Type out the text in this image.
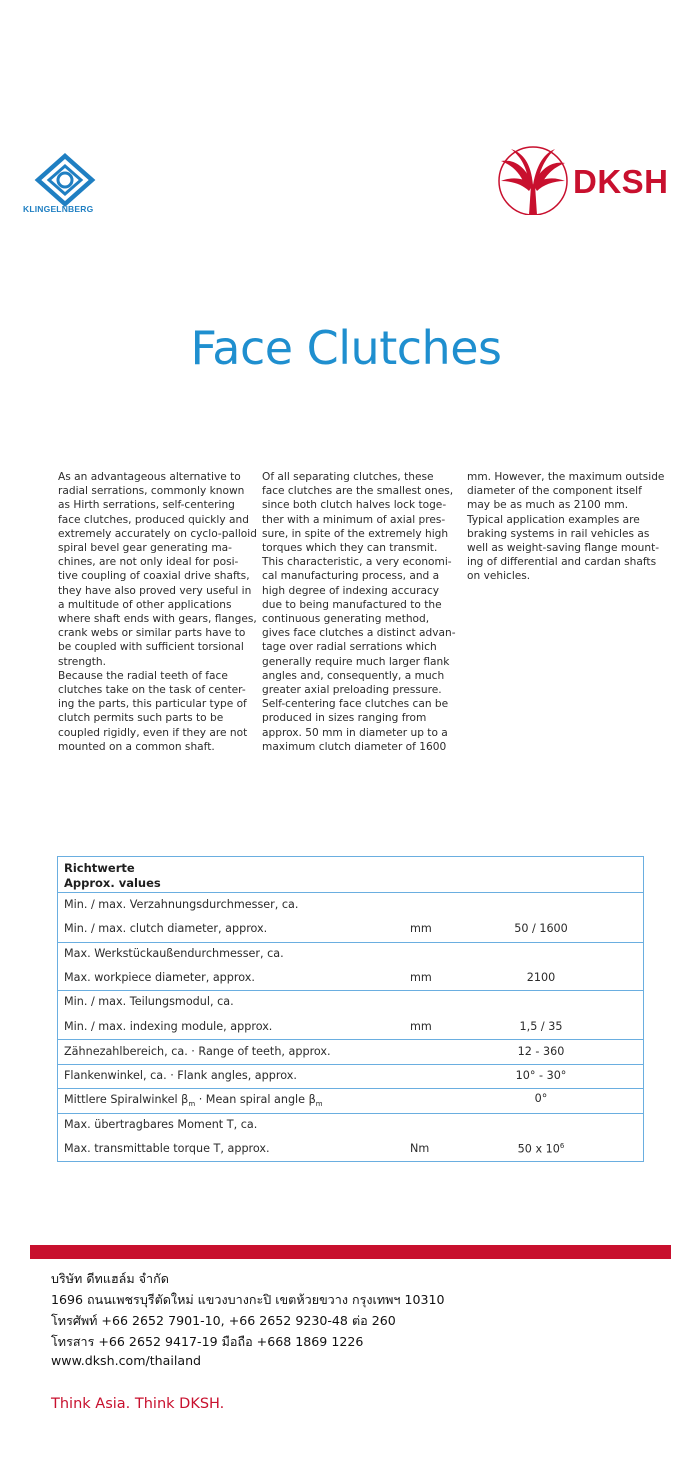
KLINGELNBERG
DKSH
Face Clutches
As an advantageous alternative to
radial serrations, commonly known
as Hirth serrations, self-centering
face clutches, produced quickly and
extremely accurately on cyclo-palloid
spiral bevel gear generating ma-
chines, are not only ideal for posi-
tive coupling of coaxial drive shafts,
they have also proved very useful in
a multitude of other applications
where shaft ends with gears, flanges,
crank webs or similar parts have to
be coupled with sufficient torsional
strength.
Because the radial teeth of face
clutches take on the task of center-
ing the parts, this particular type of
clutch permits such parts to be
coupled rigidly, even if they are not
mounted on a common shaft.
Of all separating clutches, these
face clutches are the smallest ones,
since both clutch halves lock toge-
ther with a minimum of axial pres-
sure, in spite of the extremely high
torques which they can transmit.
This characteristic, a very economi-
cal manufacturing process, and a
high degree of indexing accuracy
due to being manufactured to the
continuous generating method,
gives face clutches a distinct advan-
tage over radial serrations which
generally require much larger flank
angles and, consequently, a much
greater axial preloading pressure.
Self-centering face clutches can be
produced in sizes ranging from
approx. 50 mm in diameter up to a
maximum clutch diameter of 1600
mm. However, the maximum outside
diameter of the component itself
may be as much as 2100 mm.
Typical application examples are
braking systems in rail vehicles as
well as weight-saving flange mount-
ing of differential and cardan shafts
on vehicles.
Richtwerte
Approx. values
Min. / max. Verzahnungsdurchmesser, ca.
Min. / max. clutch diameter, approx.	mm	50 / 1600
Max. Werkstückaußendurchmesser, ca.
Max. workpiece diameter, approx.	mm	2100
Min. / max. Teilungsmodul, ca.
Min. / max. indexing module, approx.	mm	1,5 / 35
Zähnezahlbereich, ca. · Range of teeth, approx.	12 - 360
Flankenwinkel, ca. · Flank angles, approx.	10° - 30°
Mittlere Spiralwinkel $\beta_m$ · Mean spiral angle $\beta_m$	0°
Max. übertragbares Moment T, ca.
Max. transmittable torque T, approx.	Nm	50 x $10^6$
บริษัท ดีทแฮล์ม จำกัด
1696 ถนนเพชรบุรีตัดใหม่ แขวงบางกะปิ เขตห้วยขวาง กรุงเทพฯ 10310
โทรศัพท์ +66 2652 7901-10, +66 2652 9230-48 ต่อ 260
โทรสาร +66 2652 9417-19 มือถือ +668 1869 1226
www.dksh.com/thailand
Think Asia. Think DKSH.
